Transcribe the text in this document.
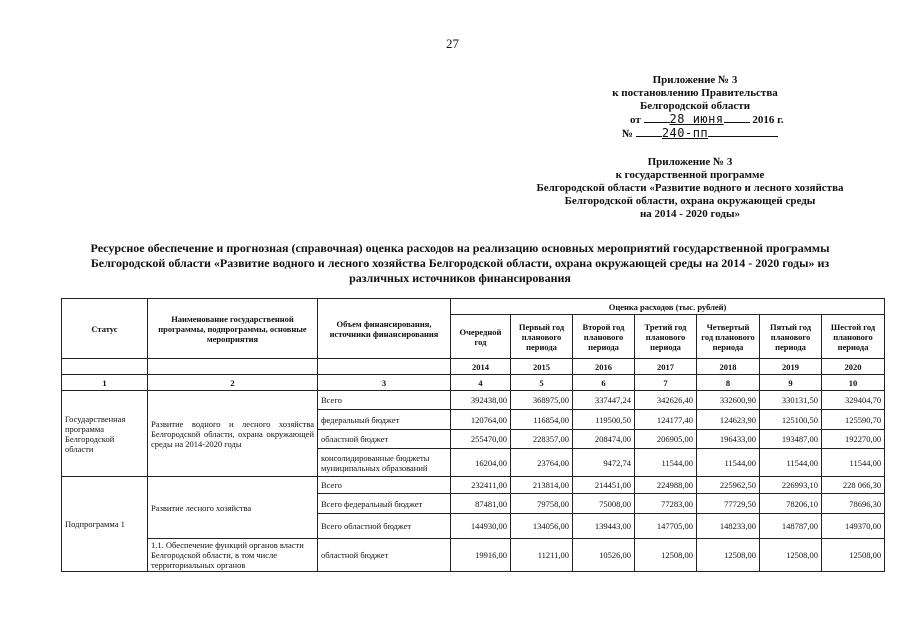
27
Приложение № 3
к постановлению Правительства
Белгородской области
от 28 июня	2016 г.
№ 240-пп
Приложение № 3
к государственной программе
Белгородской области «Развитие водного и лесного хозяйства
Белгородской области, охрана окружающей среды
на 2014 - 2020 годы»
Ресурсное обеспечение и прогнозная (справочная) оценка расходов на реализацию основных мероприятий государственной программы
Белгородской области «Развитие водного и лесного хозяйства Белгородской области, охрана окружающей среды на 2014 - 2020 годы» из
различных источников финансирования
Статус	Наименование государственной программы, подпрограммы, основные мероприятия	Объем финансирования, источники финансирования	Оценка расходов (тыс. рублей)						
			Очередной год	Первый год планового периода	Второй год планового периода	Третий год планового периода	Четвертый год планового периода	Пятый год планового периода	Шестой год планового периода
			2014	2015	2016	2017	2018	2019	2020
1	2	3	4	5	6	7	8	9	10
Государственная программа Белгородской области	Развитие водного и лесного хозяйства Белгородской области, охрана окружающей среды на 2014-2020 годы	Всего	392438,00	368975,00	337447,24	342626,40	332600,90	330131,50	329404,70
		федеральный бюджет	120764,00	116854,00	119500,50	124177,40	124623,90	125100,50	125590,70
		областной бюджет	255470,00	228357,00	208474,00	206905,00	196433,00	193487,00	192270,00
		консолидированные бюджеты муниципальных образований	16204,00	23764,00	9472,74	11544,00	11544,00	11544,00	11544,00
Подпрограмма 1	Развитие лесного хозяйства	Всего	232411,00	213814,00	214451,00	224988,00	225962,50	226993,10	228 066,30
		Всего федеральный бюджет	87481,00	79758,00	75008,00	77283,00	77729,50	78206,10	78696,30
		Всего областной бюджет	144930,00	134056,00	139443,00	147705,00	148233,00	148787,00	149370,00
	1.1. Обеспечение функций органов власти Белгородской области, в том числе территориальных органов	областной бюджет	19916,00	11211,00	10526,00	12508,00	12508,00	12508,00	12508,00
